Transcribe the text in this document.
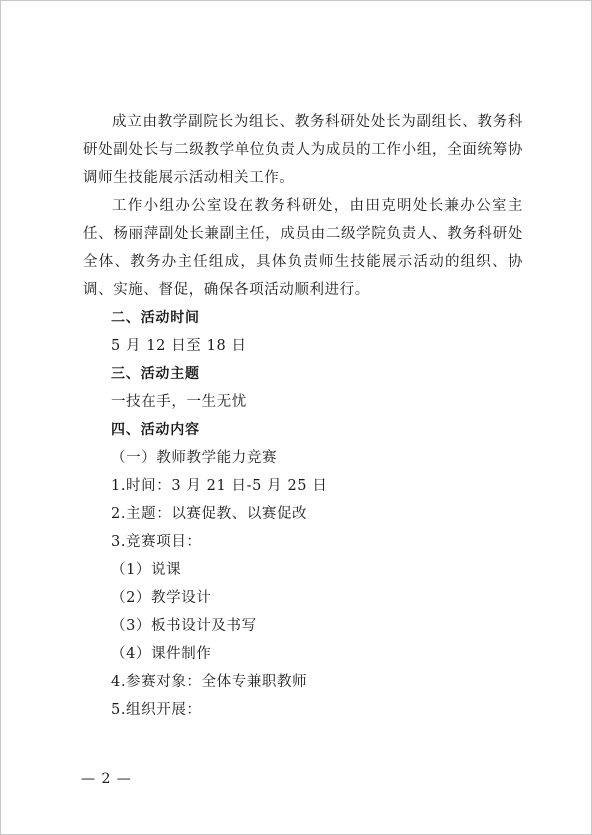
成立由教学副院长为组长、教务科研处处长为副组长、教务科研处副处长与二级教学单位负责人为成员的工作小组，全面统筹协调师生技能展示活动相关工作。

工作小组办公室设在教务科研处，由田克明处长兼办公室主任、杨丽萍副处长兼副主任，成员由二级学院负责人、教务科研处全体、教务办主任组成，具体负责师生技能展示活动的组织、协调、实施、督促，确保各项活动顺利进行。

二、活动时间

5 月 12 日至 18 日

三、活动主题

一技在手，一生无忧

四、活动内容

（一）教师教学能力竞赛

1.时间：3 月 21 日-5 月 25 日

2.主题：以赛促教、以赛促改

3.竞赛项目：

（1）说课

（2）教学设计

（3）板书设计及书写

（4）课件制作

4.参赛对象：全体专兼职教师

5.组织开展：

— 2 —
